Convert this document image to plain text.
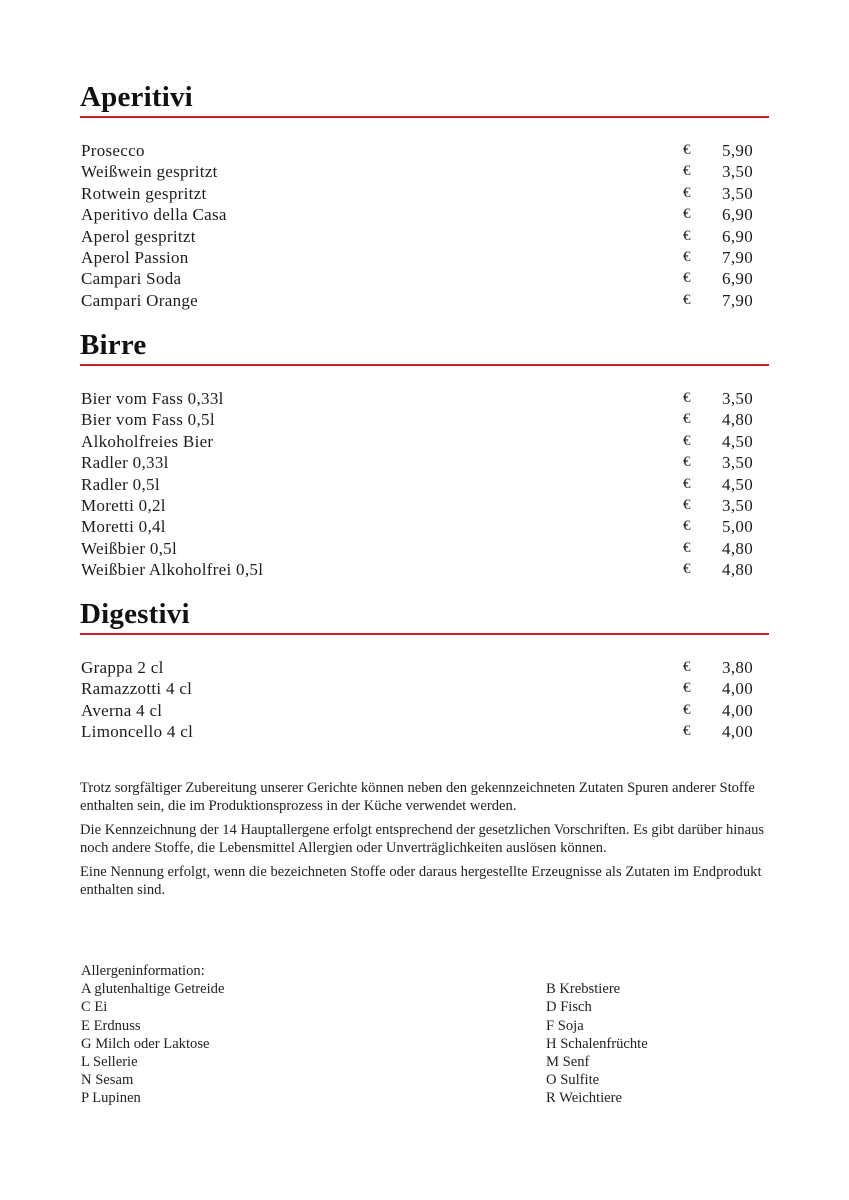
Aperitivi
Prosecco	€ 5,90
Weißwein gespritzt	€ 3,50
Rotwein gespritzt	€ 3,50
Aperitivo della Casa	€ 6,90
Aperol gespritzt	€ 6,90
Aperol Passion	€ 7,90
Campari Soda	€ 6,90
Campari Orange	€ 7,90
Birre
Bier vom Fass 0,33l	€ 3,50
Bier vom Fass 0,5l	€ 4,80
Alkoholfreies Bier	€ 4,50
Radler 0,33l	€ 3,50
Radler 0,5l	€ 4,50
Moretti 0,2l	€ 3,50
Moretti 0,4l	€ 5,00
Weißbier 0,5l	€ 4,80
Weißbier Alkoholfrei 0,5l	€ 4,80
Digestivi
Grappa 2 cl	€ 3,80
Ramazzotti 4 cl	€ 4,00
Averna 4 cl	€ 4,00
Limoncello 4 cl	€ 4,00

Trotz sorgfältiger Zubereitung unserer Gerichte können neben den gekennzeichneten Zutaten Spuren anderer Stoffe enthalten sein, die im Produktionsprozess in der Küche verwendet werden.

Die Kennzeichnung der 14 Hauptallergene erfolgt entsprechend der gesetzlichen Vorschriften. Es gibt darüber hinaus noch andere Stoffe, die Lebensmittel Allergien oder Unverträglichkeiten auslösen können.

Eine Nennung erfolgt, wenn die bezeichneten Stoffe oder daraus hergestellte Erzeugnisse als Zutaten im Endprodukt enthalten sind.

Allergeninformation:
A glutenhaltige Getreide	B Krebstiere
C Ei	D Fisch
E Erdnuss	F Soja
G Milch oder Laktose	H Schalenfrüchte
L Sellerie	M Senf
N Sesam	O Sulfite
P Lupinen	R Weichtiere
